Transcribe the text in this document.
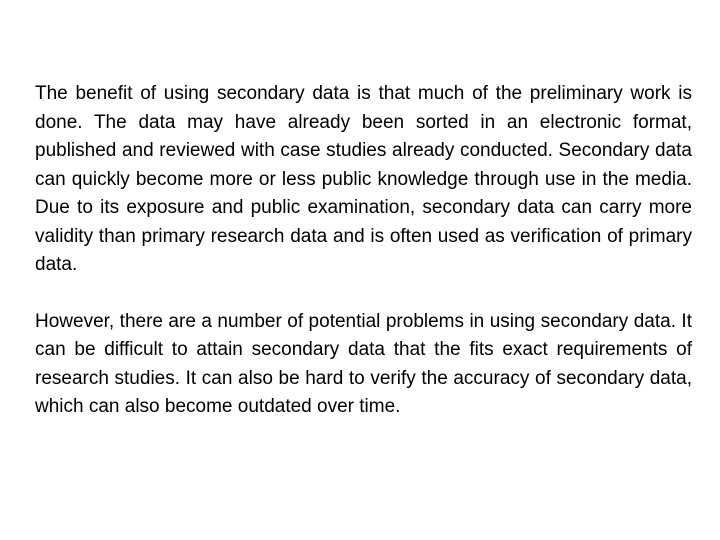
The benefit of using secondary data is that much of the preliminary work is done. The data may have already been sorted in an electronic format, published and reviewed with case studies already conducted. Secondary data can quickly become more or less public knowledge through use in the media. Due to its exposure and public examination, secondary data can carry more validity than primary research data and is often used as verification of primary data.

However, there are a number of potential problems in using secondary data. It can be difficult to attain secondary data that the fits exact requirements of research studies. It can also be hard to verify the accuracy of secondary data, which can also become outdated over time.
